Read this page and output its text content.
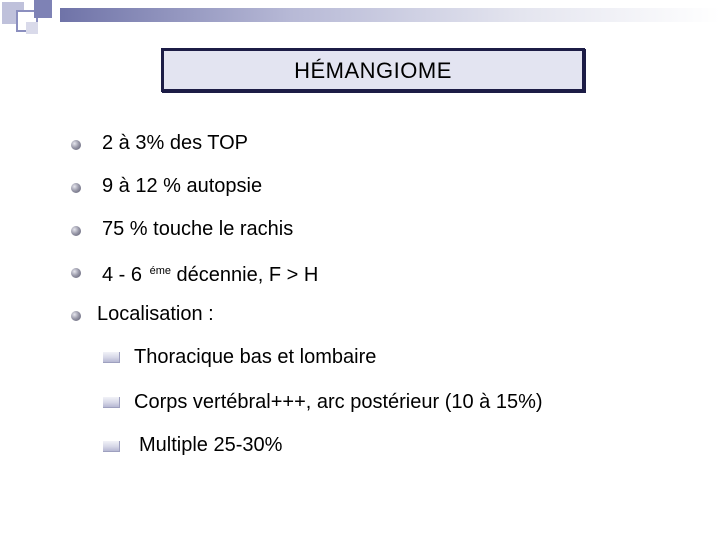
HÉMANGIOME
2 à 3% des TOP
9 à 12 % autopsie
75 % touche le rachis
4 - 6 $^{éme}$ décennie, F > H
Localisation :
Thoracique bas et lombaire
Corps vertébral+++, arc postérieur (10 à 15%)
Multiple 25-30%
